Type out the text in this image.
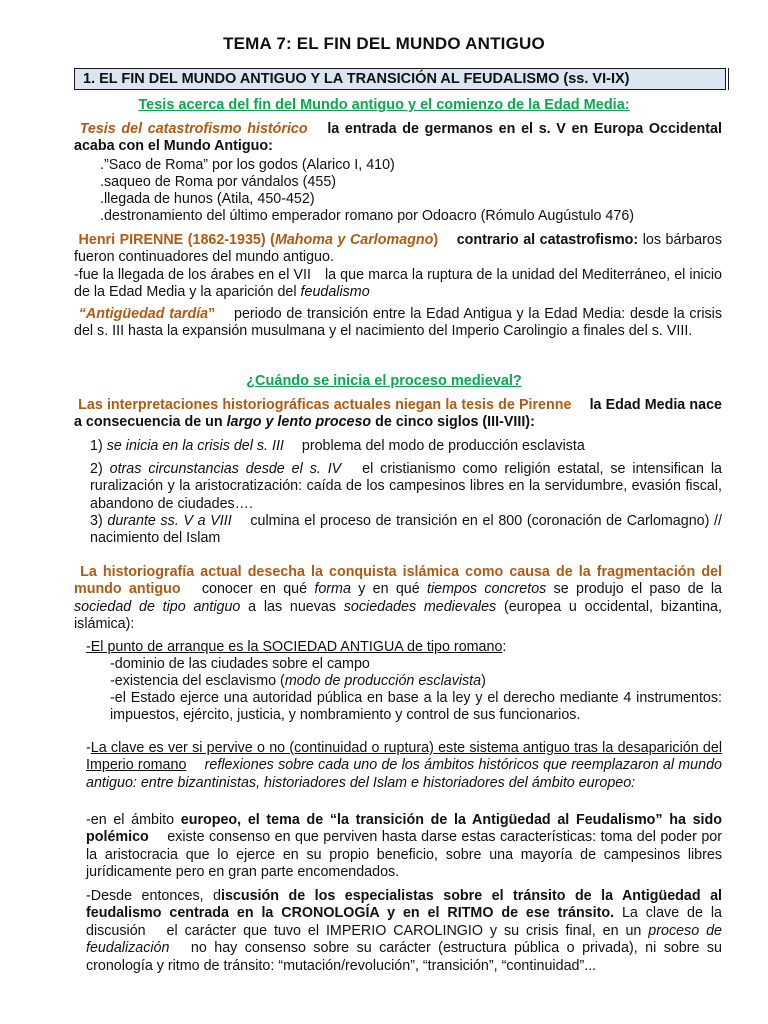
TEMA 7: EL FIN DEL MUNDO ANTIGUO
1. EL FIN DEL MUNDO ANTIGUO Y LA TRANSICIÓN AL FEUDALISMO (ss. VI-IX)
Tesis acerca del fin del Mundo antiguo y el comienzo de la Edad Media:
Tesis del catastrofismo histórico la entrada de germanos en el s. V en Europa Occidental acaba con el Mundo Antiguo:
.”Saco de Roma” por los godos (Alarico I, 410)
.saqueo de Roma por vándalos (455)
.llegada de hunos (Atila, 450-452)
.destronamiento del último emperador romano por Odoacro (Rómulo Augústulo 476)
Henri PIRENNE (1862-1935) (Mahoma y Carlomagno) contrario al catastrofismo: los bárbaros fueron continuadores del mundo antiguo.
-fue la llegada de los árabes en el VII la que marca la ruptura de la unidad del Mediterráneo, el inicio de la Edad Media y la aparición del feudalismo
“Antigüedad tardía” periodo de transición entre la Edad Antigua y la Edad Media: desde la crisis del s. III hasta la expansión musulmana y el nacimiento del Imperio Carolingio a finales del s. VIII.
¿Cuándo se inicia el proceso medieval?
Las interpretaciones historiográficas actuales niegan la tesis de Pirenne la Edad Media nace a consecuencia de un largo y lento proceso de cinco siglos (III-VIII):
1) se inicia en la crisis del s. III problema del modo de producción esclavista
2) otras circunstancias desde el s. IV el cristianismo como religión estatal, se intensifican la ruralización y la aristocratización: caída de los campesinos libres en la servidumbre, evasión fiscal, abandono de ciudades….
3) durante ss. V a VIII culmina el proceso de transición en el 800 (coronación de Carlomagno) // nacimiento del Islam
La historiografía actual desecha la conquista islámica como causa de la fragmentación del mundo antiguo conocer en qué forma y en qué tiempos concretos se produjo el paso de la sociedad de tipo antiguo a las nuevas sociedades medievales (europea u occidental, bizantina, islámica):
-El punto de arranque es la SOCIEDAD ANTIGUA de tipo romano:
-dominio de las ciudades sobre el campo
-existencia del esclavismo (modo de producción esclavista)
-el Estado ejerce una autoridad pública en base a la ley y el derecho mediante 4 instrumentos: impuestos, ejército, justicia, y nombramiento y control de sus funcionarios.
-La clave es ver si pervive o no (continuidad o ruptura) este sistema antiguo tras la desaparición del Imperio romano reflexiones sobre cada uno de los ámbitos históricos que reemplazaron al mundo antiguo: entre bizantinistas, historiadores del Islam e historiadores del ámbito europeo:
-en el ámbito europeo, el tema de “la transición de la Antigüedad al Feudalismo” ha sido polémico existe consenso en que perviven hasta darse estas características: toma del poder por la aristocracia que lo ejerce en su propio beneficio, sobre una mayoría de campesinos libres jurídicamente pero en gran parte encomendados.
-Desde entonces, discusión de los especialistas sobre el tránsito de la Antigüedad al feudalismo centrada en la CRONOLOGÍA y en el RITMO de ese tránsito. La clave de la discusión el carácter que tuvo el IMPERIO CAROLINGIO y su crisis final, en un proceso de feudalización no hay consenso sobre su carácter (estructura pública o privada), ni sobre su cronología y ritmo de tránsito: “mutación/revolución”, “transición”, “continuidad”...
